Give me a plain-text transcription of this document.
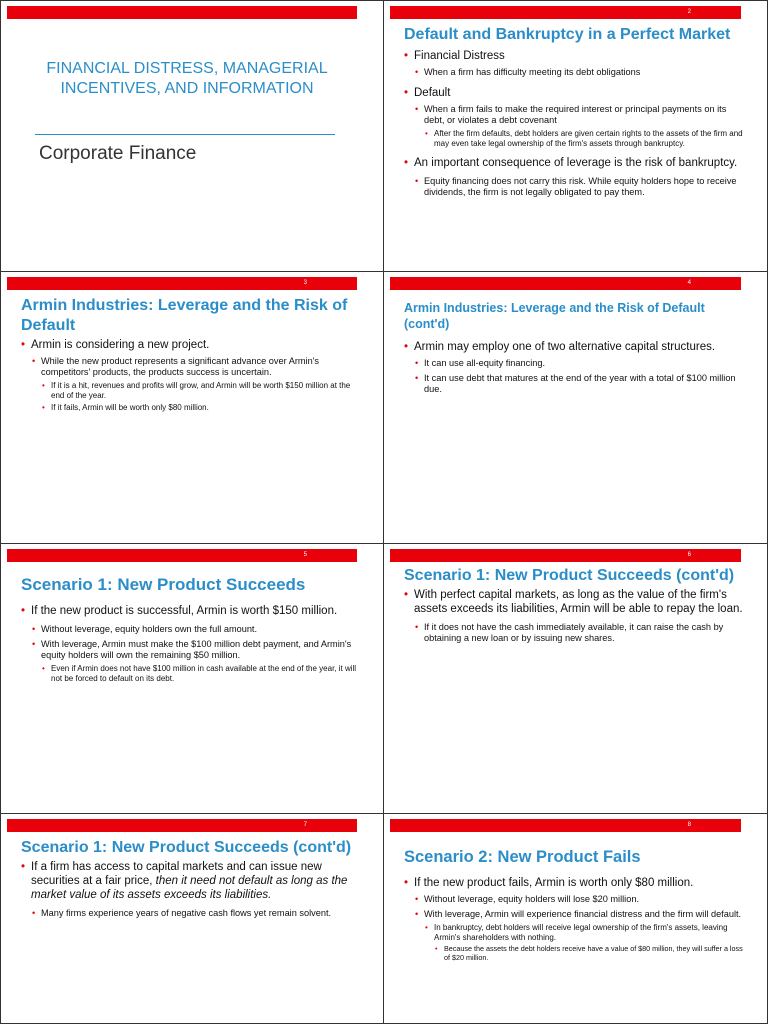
FINANCIAL DISTRESS, MANAGERIAL INCENTIVES, AND INFORMATION
Corporate Finance
2
Default and Bankruptcy in a Perfect Market

• Financial Distress

• When a firm has difficulty meeting its debt obligations

• Default

• When a firm fails to make the required interest or principal payments on its debt, or violates a debt covenant

• After the firm defaults, debt holders are given certain rights to the assets of the firm and may even take legal ownership of the firm's assets through bankruptcy.

• An important consequence of leverage is the risk of bankruptcy.

• Equity financing does not carry this risk. While equity holders hope to receive dividends, the firm is not legally obligated to pay them.

3
Armin Industries: Leverage and the Risk of Default

• Armin is considering a new project.

• While the new product represents a significant advance over Armin's competitors' products, the products success is uncertain.

• If it is a hit, revenues and profits will grow, and Armin will be worth $150 million at the end of the year.

• If it fails, Armin will be worth only $80 million.

4
Armin Industries: Leverage and the Risk of Default (cont'd)

• Armin may employ one of two alternative capital structures.

• It can use all-equity financing.

• It can use debt that matures at the end of the year with a total of $100 million due.

5
Scenario 1: New Product Succeeds

• If the new product is successful, Armin is worth $150 million.

• Without leverage, equity holders own the full amount.

• With leverage, Armin must make the $100 million debt payment, and Armin's equity holders will own the remaining $50 million.

• Even if Armin does not have $100 million in cash available at the end of the year, it will not be forced to default on its debt.

6
Scenario 1: New Product Succeeds (cont'd)

• With perfect capital markets, as long as the value of the firm's assets exceeds its liabilities, Armin will be able to repay the loan.

• If it does not have the cash immediately available, it can raise the cash by obtaining a new loan or by issuing new shares.

7
Scenario 1: New Product Succeeds (cont'd)

• If a firm has access to capital markets and can issue new securities at a fair price, then it need not default as long as the market value of its assets exceeds its liabilities.

• Many firms experience years of negative cash flows yet remain solvent.

8
Scenario 2: New Product Fails

• If the new product fails, Armin is worth only $80 million.

• Without leverage, equity holders will lose $20 million.

• With leverage, Armin will experience financial distress and the firm will default.

• In bankruptcy, debt holders will receive legal ownership of the firm's assets, leaving Armin's shareholders with nothing.

• Because the assets the debt holders receive have a value of $80 million, they will suffer a loss of $20 million.
